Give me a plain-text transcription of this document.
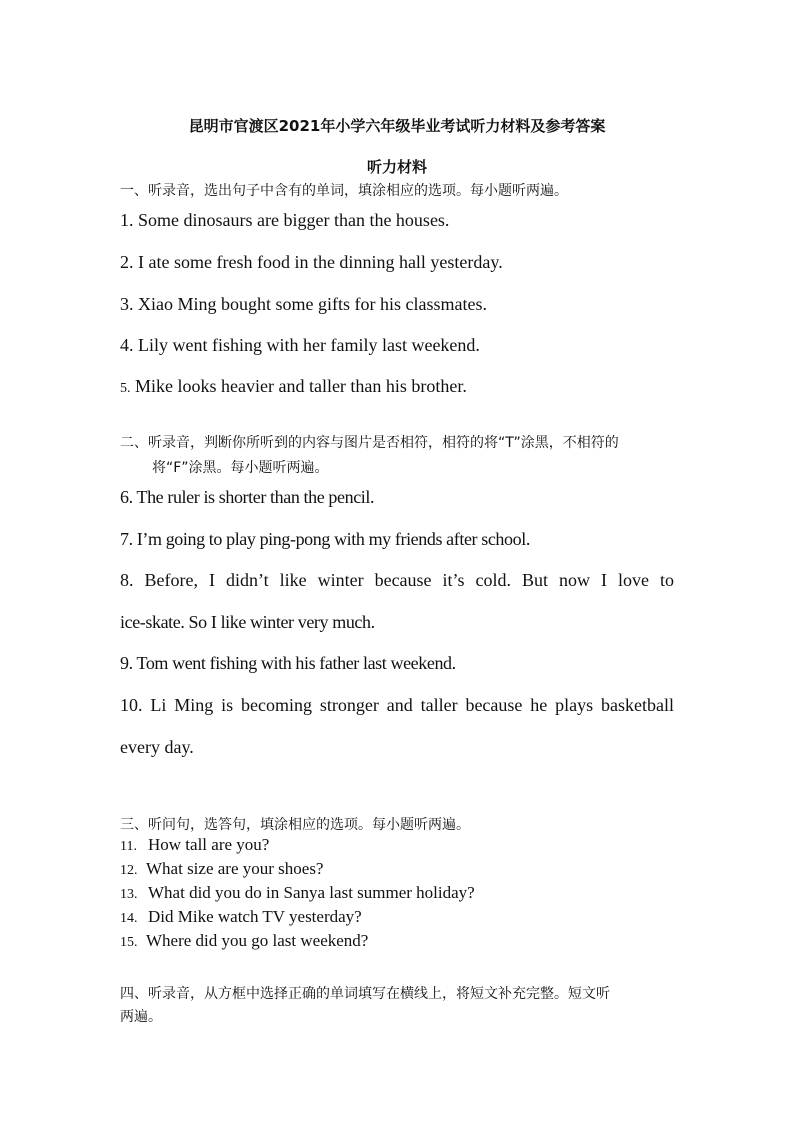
昆明市官渡区2021年小学六年级毕业考试听力材料及参考答案
听力材料
一、听录音，选出句子中含有的单词，填涂相应的选项。每小题听两遍。
1. Some dinosaurs are bigger than the houses.
2. I ate some fresh food in the dinning hall yesterday.
3. Xiao Ming bought some gifts for his classmates.
4. Lily went fishing with her family last weekend.
5. Mike looks heavier and taller than his brother.
二、听录音，判断你所听到的内容与图片是否相符，相符的将“T”涂黑，不相符的
将“F”涂黑。每小题听两遍。
6. The ruler is shorter than the pencil.
7. I’m going to play ping-pong with my friends after school.
8. Before, I didn’t like winter because it’s cold. But now I love to
ice-skate. So I like winter very much.
9. Tom went fishing with his father last weekend.
10. Li Ming is becoming stronger and taller because he plays basketball
every day.
三、听问句，选答句，填涂相应的选项。每小题听两遍。
11. How tall are you?
12. What size are your shoes?
13. What did you do in Sanya last summer holiday?
14. Did Mike watch TV yesterday?
15. Where did you go last weekend?
四、听录音，从方框中选择正确的单词填写在横线上，将短文补充完整。短文听
两遍。
